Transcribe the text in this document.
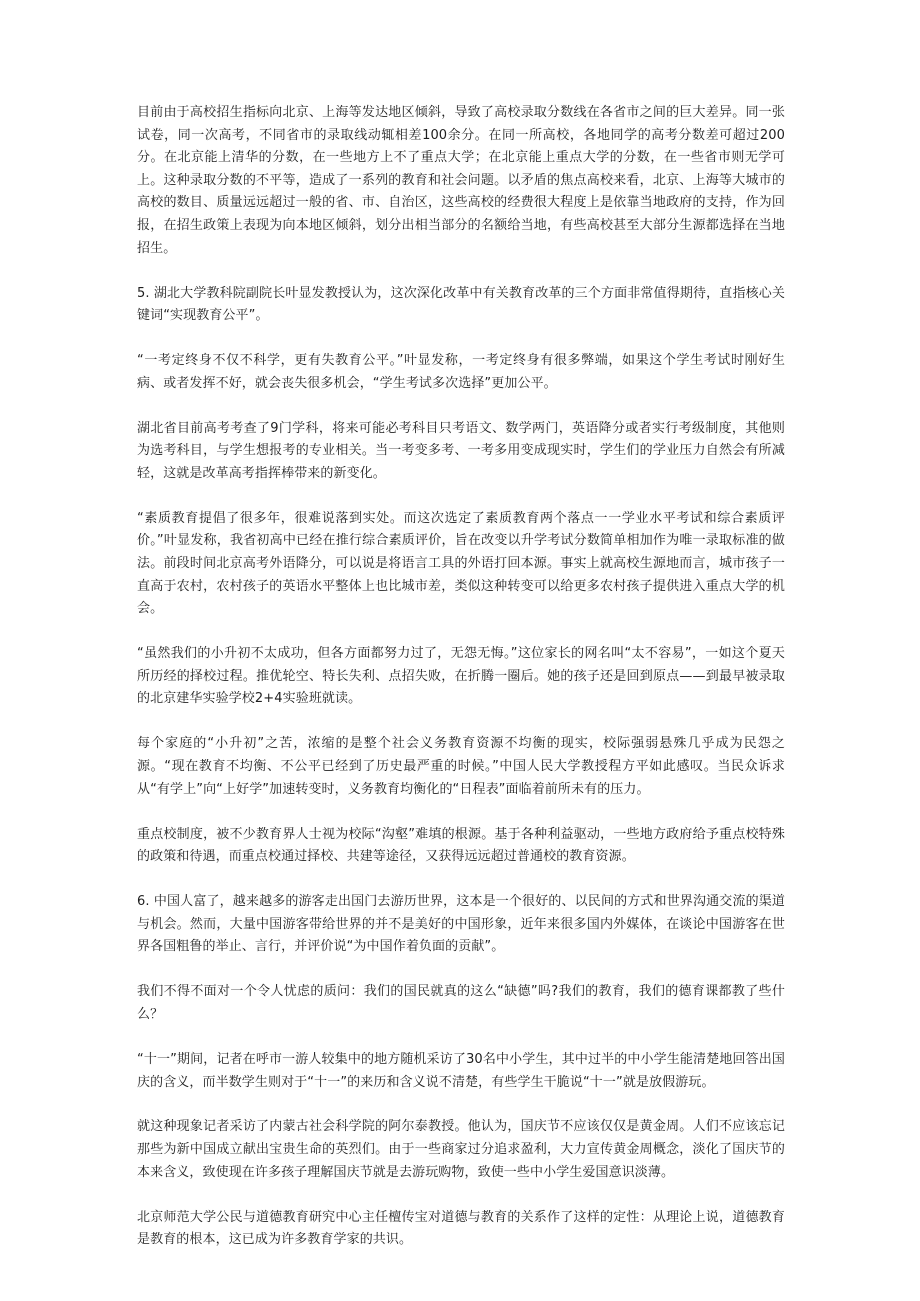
目前由于高校招生指标向北京、上海等发达地区倾斜，导致了高校录取分数线在各省市之间的巨大差异。同一张试卷，同一次高考，不同省市的录取线动辄相差100余分。在同一所高校，各地同学的高考分数差可超过200分。在北京能上清华的分数，在一些地方上不了重点大学；在北京能上重点大学的分数，在一些省市则无学可上。这种录取分数的不平等，造成了一系列的教育和社会问题。以矛盾的焦点高校来看，北京、上海等大城市的高校的数目、质量远远超过一般的省、市、自治区，这些高校的经费很大程度上是依靠当地政府的支持，作为回报，在招生政策上表现为向本地区倾斜，划分出相当部分的名额给当地，有些高校甚至大部分生源都选择在当地招生。

5. 湖北大学教科院副院长叶显发教授认为，这次深化改革中有关教育改革的三个方面非常值得期待，直指核心关键词“实现教育公平”。

“一考定终身不仅不科学，更有失教育公平。”叶显发称，一考定终身有很多弊端，如果这个学生考试时刚好生病、或者发挥不好，就会丧失很多机会，“学生考试多次选择”更加公平。

湖北省目前高考考查了9门学科，将来可能必考科目只考语文、数学两门，英语降分或者实行考级制度，其他则为选考科目，与学生想报考的专业相关。当一考变多考、一考多用变成现实时，学生们的学业压力自然会有所减轻，这就是改革高考指挥棒带来的新变化。

“素质教育提倡了很多年，很难说落到实处。而这次选定了素质教育两个落点一一学业水平考试和综合素质评价。”叶显发称，我省初高中已经在推行综合素质评价，旨在改变以升学考试分数简单相加作为唯一录取标准的做法。前段时间北京高考外语降分，可以说是将语言工具的外语打回本源。事实上就高校生源地而言，城市孩子一直高于农村，农村孩子的英语水平整体上也比城市差，类似这种转变可以给更多农村孩子提供进入重点大学的机会。

“虽然我们的小升初不太成功，但各方面都努力过了，无怨无悔。”这位家长的网名叫“太不容易”，一如这个夏天所历经的择校过程。推优轮空、特长失利、点招失败，在折腾一圈后。她的孩子还是回到原点——到最早被录取的北京建华实验学校2+4实验班就读。

每个家庭的“小升初”之苦，浓缩的是整个社会义务教育资源不均衡的现实，校际强弱悬殊几乎成为民怨之源。“现在教育不均衡、不公平已经到了历史最严重的时候。”中国人民大学教授程方平如此感叹。当民众诉求从“有学上”向“上好学”加速转变时，义务教育均衡化的“日程表”面临着前所未有的压力。

重点校制度，被不少教育界人士视为校际“沟壑”难填的根源。基于各种利益驱动，一些地方政府给予重点校特殊的政策和待遇，而重点校通过择校、共建等途径，又获得远远超过普通校的教育资源。

6. 中国人富了，越来越多的游客走出国门去游历世界，这本是一个很好的、以民间的方式和世界沟通交流的渠道与机会。然而，大量中国游客带给世界的并不是美好的中国形象，近年来很多国内外媒体，在谈论中国游客在世界各国粗鲁的举止、言行，并评价说“为中国作着负面的贡献”。

我们不得不面对一个令人忧虑的质问：我们的国民就真的这么“缺德”吗?我们的教育，我们的德育课都教了些什么？

“十一”期间，记者在呼市一游人较集中的地方随机采访了30名中小学生，其中过半的中小学生能清楚地回答出国庆的含义，而半数学生则对于“十一”的来历和含义说不清楚，有些学生干脆说“十一”就是放假游玩。

就这种现象记者采访了内蒙古社会科学院的阿尔泰教授。他认为，国庆节不应该仅仅是黄金周。人们不应该忘记那些为新中国成立献出宝贵生命的英烈们。由于一些商家过分追求盈利，大力宣传黄金周概念，淡化了国庆节的本来含义，致使现在许多孩子理解国庆节就是去游玩购物，致使一些中小学生爱国意识淡薄。

北京师范大学公民与道德教育研究中心主任檀传宝对道德与教育的关系作了这样的定性：从理论上说，道德教育是教育的根本，这已成为许多教育学家的共识。
